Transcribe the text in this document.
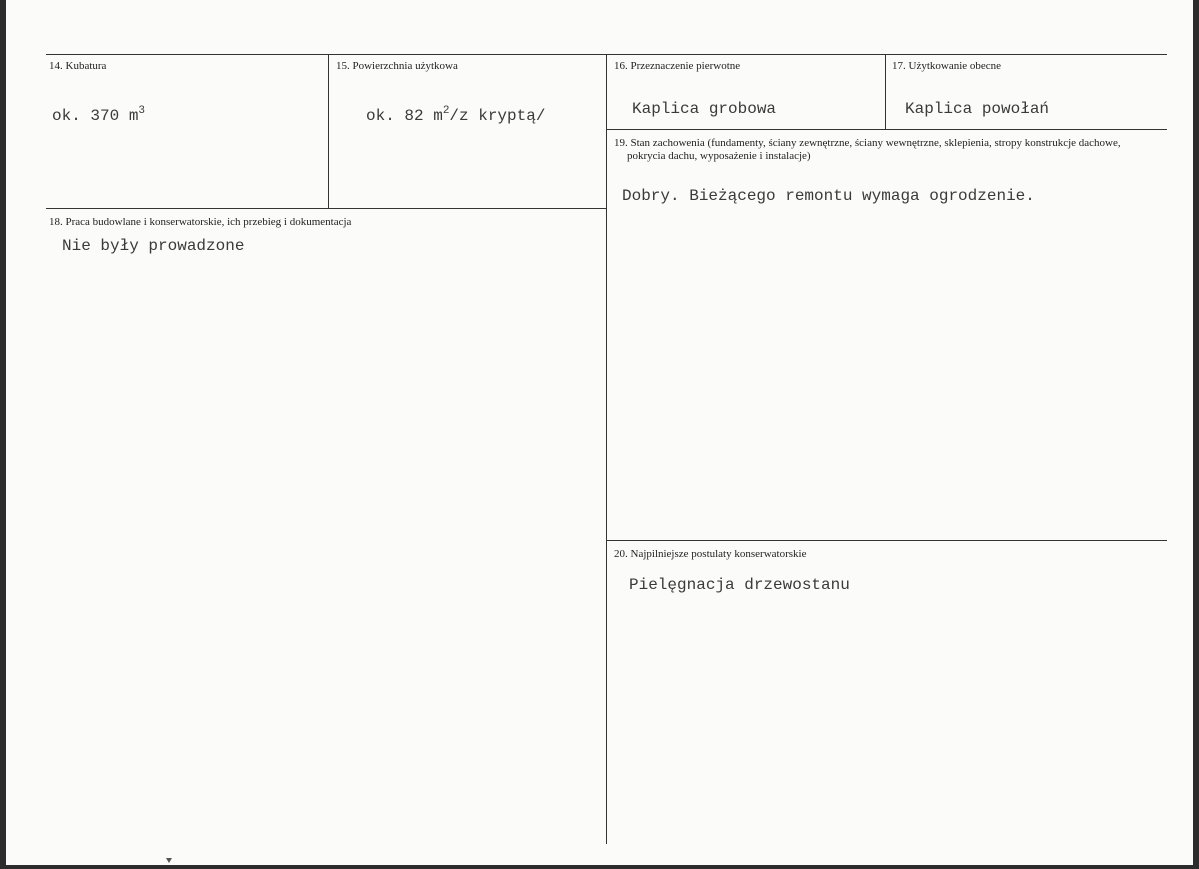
14. Kubatura
ok. 370 $m^3$
15. Powierzchnia użytkowa
ok. 82 $m^2/z$ kryptą/
16. Przeznaczenie pierwotne
Kaplica grobowa
17. Użytkowanie obecne
Kaplica powołań
19. Stan zachowenia (fundamenty, ściany zewnętrzne, ściany wewnętrzne, sklepienia, stropy konstrukcje dachowe, pokrycia dachu, wyposażenie i instalacje)
Dobry. Bieżącego remontu wymaga ogrodzenie.
18. Praca budowlane i konserwatorskie, ich przebieg i dokumentacja
Nie były prowadzone
20. Najpilniejsze postulaty konserwatorskie
Pielęgnacja drzewostanu
